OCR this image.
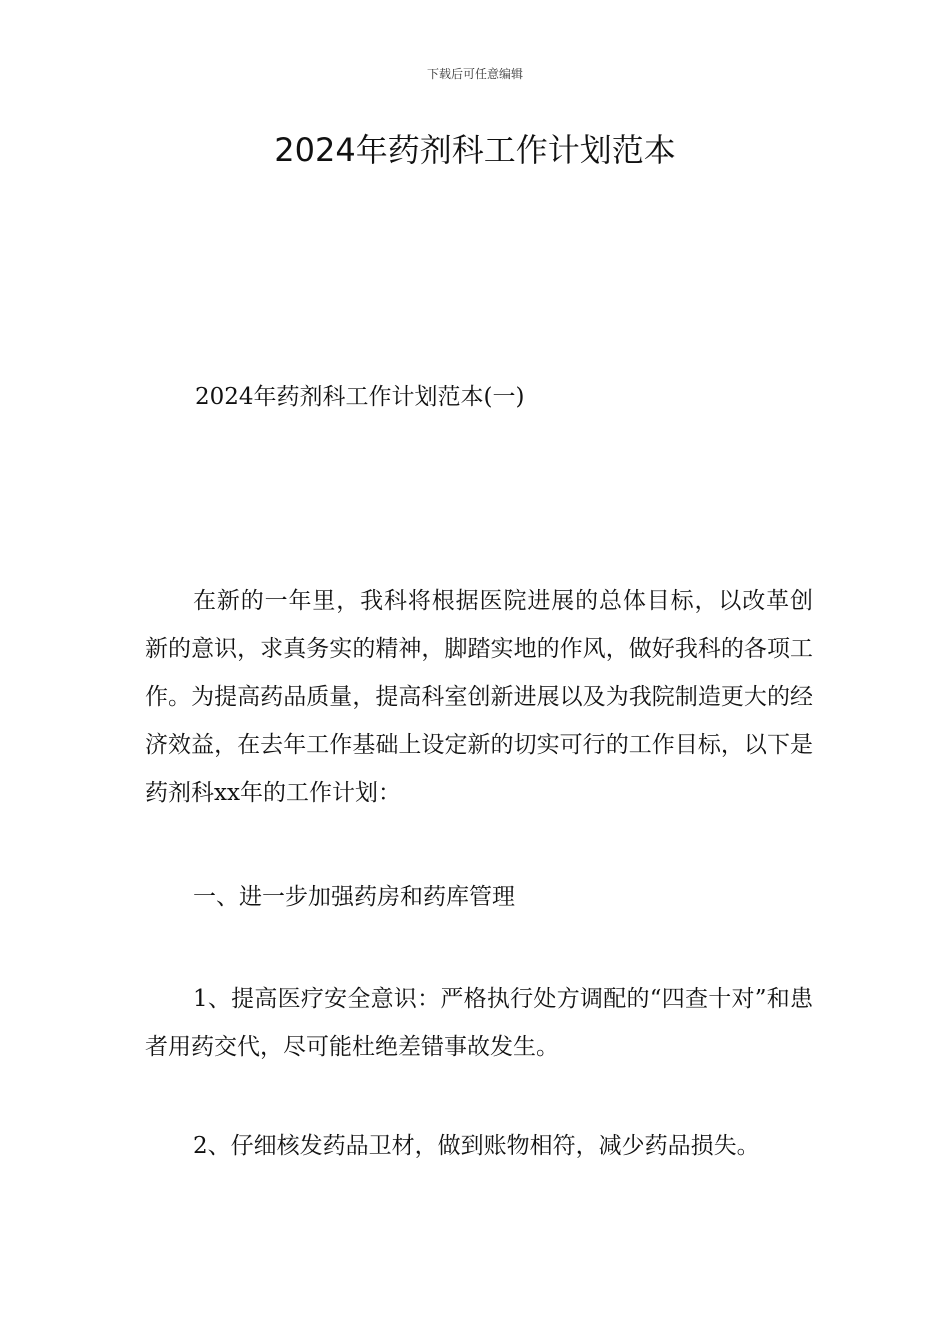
下载后可任意编辑
2024年药剂科工作计划范本
2024年药剂科工作计划范本(一)

在新的一年里，我科将根据医院进展的总体目标，以改革创新的意识，求真务实的精神，脚踏实地的作风，做好我科的各项工作。为提高药品质量，提高科室创新进展以及为我院制造更大的经济效益，在去年工作基础上设定新的切实可行的工作目标，以下是药剂科xx年的工作计划：

一、进一步加强药房和药库管理

1、提高医疗安全意识：严格执行处方调配的“四查十对”和患者用药交代，尽可能杜绝差错事故发生。

2、仔细核发药品卫材，做到账物相符，减少药品损失。
